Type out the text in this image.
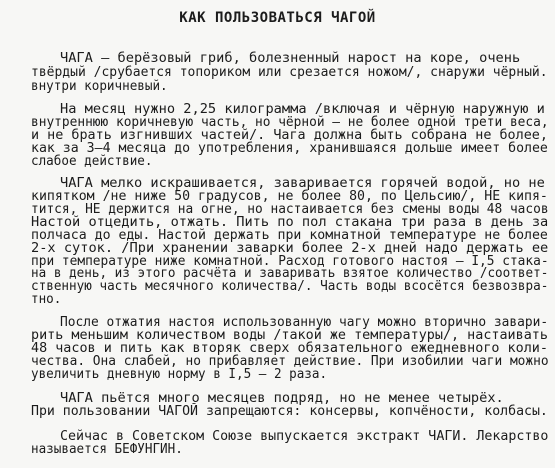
КАК ПОЛЬЗОВАТЬСЯ ЧАГОЙ
ЧАГА – берёзовый гриб, болезненный нарост на коре, очень
твёрдый /срубается топориком или срезается ножом/, снаружи чёрный.
внутри коричневый.
На месяц нужно 2,25 килограмма /включая и чёрную наружную и
внутреннюю коричневую часть, но чёрной – не более одной трети веса,
и не брать изгнивших частей/. Чага должна быть собрана не более,
как за 3–4 месяца до употребления, хранившаяся дольше имеет более
слабое действие.
ЧАГА мелко искрашивается, заваривается горячей водой, но не
кипятком /не ниже 50 градусов, не более 80, по Цельсию/, НЕ кипя-
тится, НЕ держится на огне, но настаивается без смены воды 48 часов
Настой отцедить, отжать. Пить по пол стакана три раза в день за
полчаса до еды. Настой держать при комнатной температуре не более
2-х суток. /При хранении заварки более 2-х дней надо держать ее
при температуре ниже комнатной. Расход готового настоя – I,5 стака-
на в день, из этого расчёта и заваривать взятое количество /соответ-
ственную часть месячного количества/. Часть воды всосётся безвозвра-
тно.
После отжатия настоя использованную чагу можно вторично завари-
рить меньшим количеством воды /такой же температуры/, настаивать
48 часов и пить как вторяк сверх обязательного ежедневного коли-
чества. Она слабей, но прибавляет действие. При изобилии чаги можно
увеличить дневную норму в I,5 – 2 раза.
ЧАГА пьётся много месяцев подряд, но не менее четырёх.
При пользовании ЧАГОЙ запрещаются: консервы, копчёности, колбасы.
Сейчас в Советском Союзе выпускается экстракт ЧАГИ. Лекарство
называется БЕФУНГИН.
